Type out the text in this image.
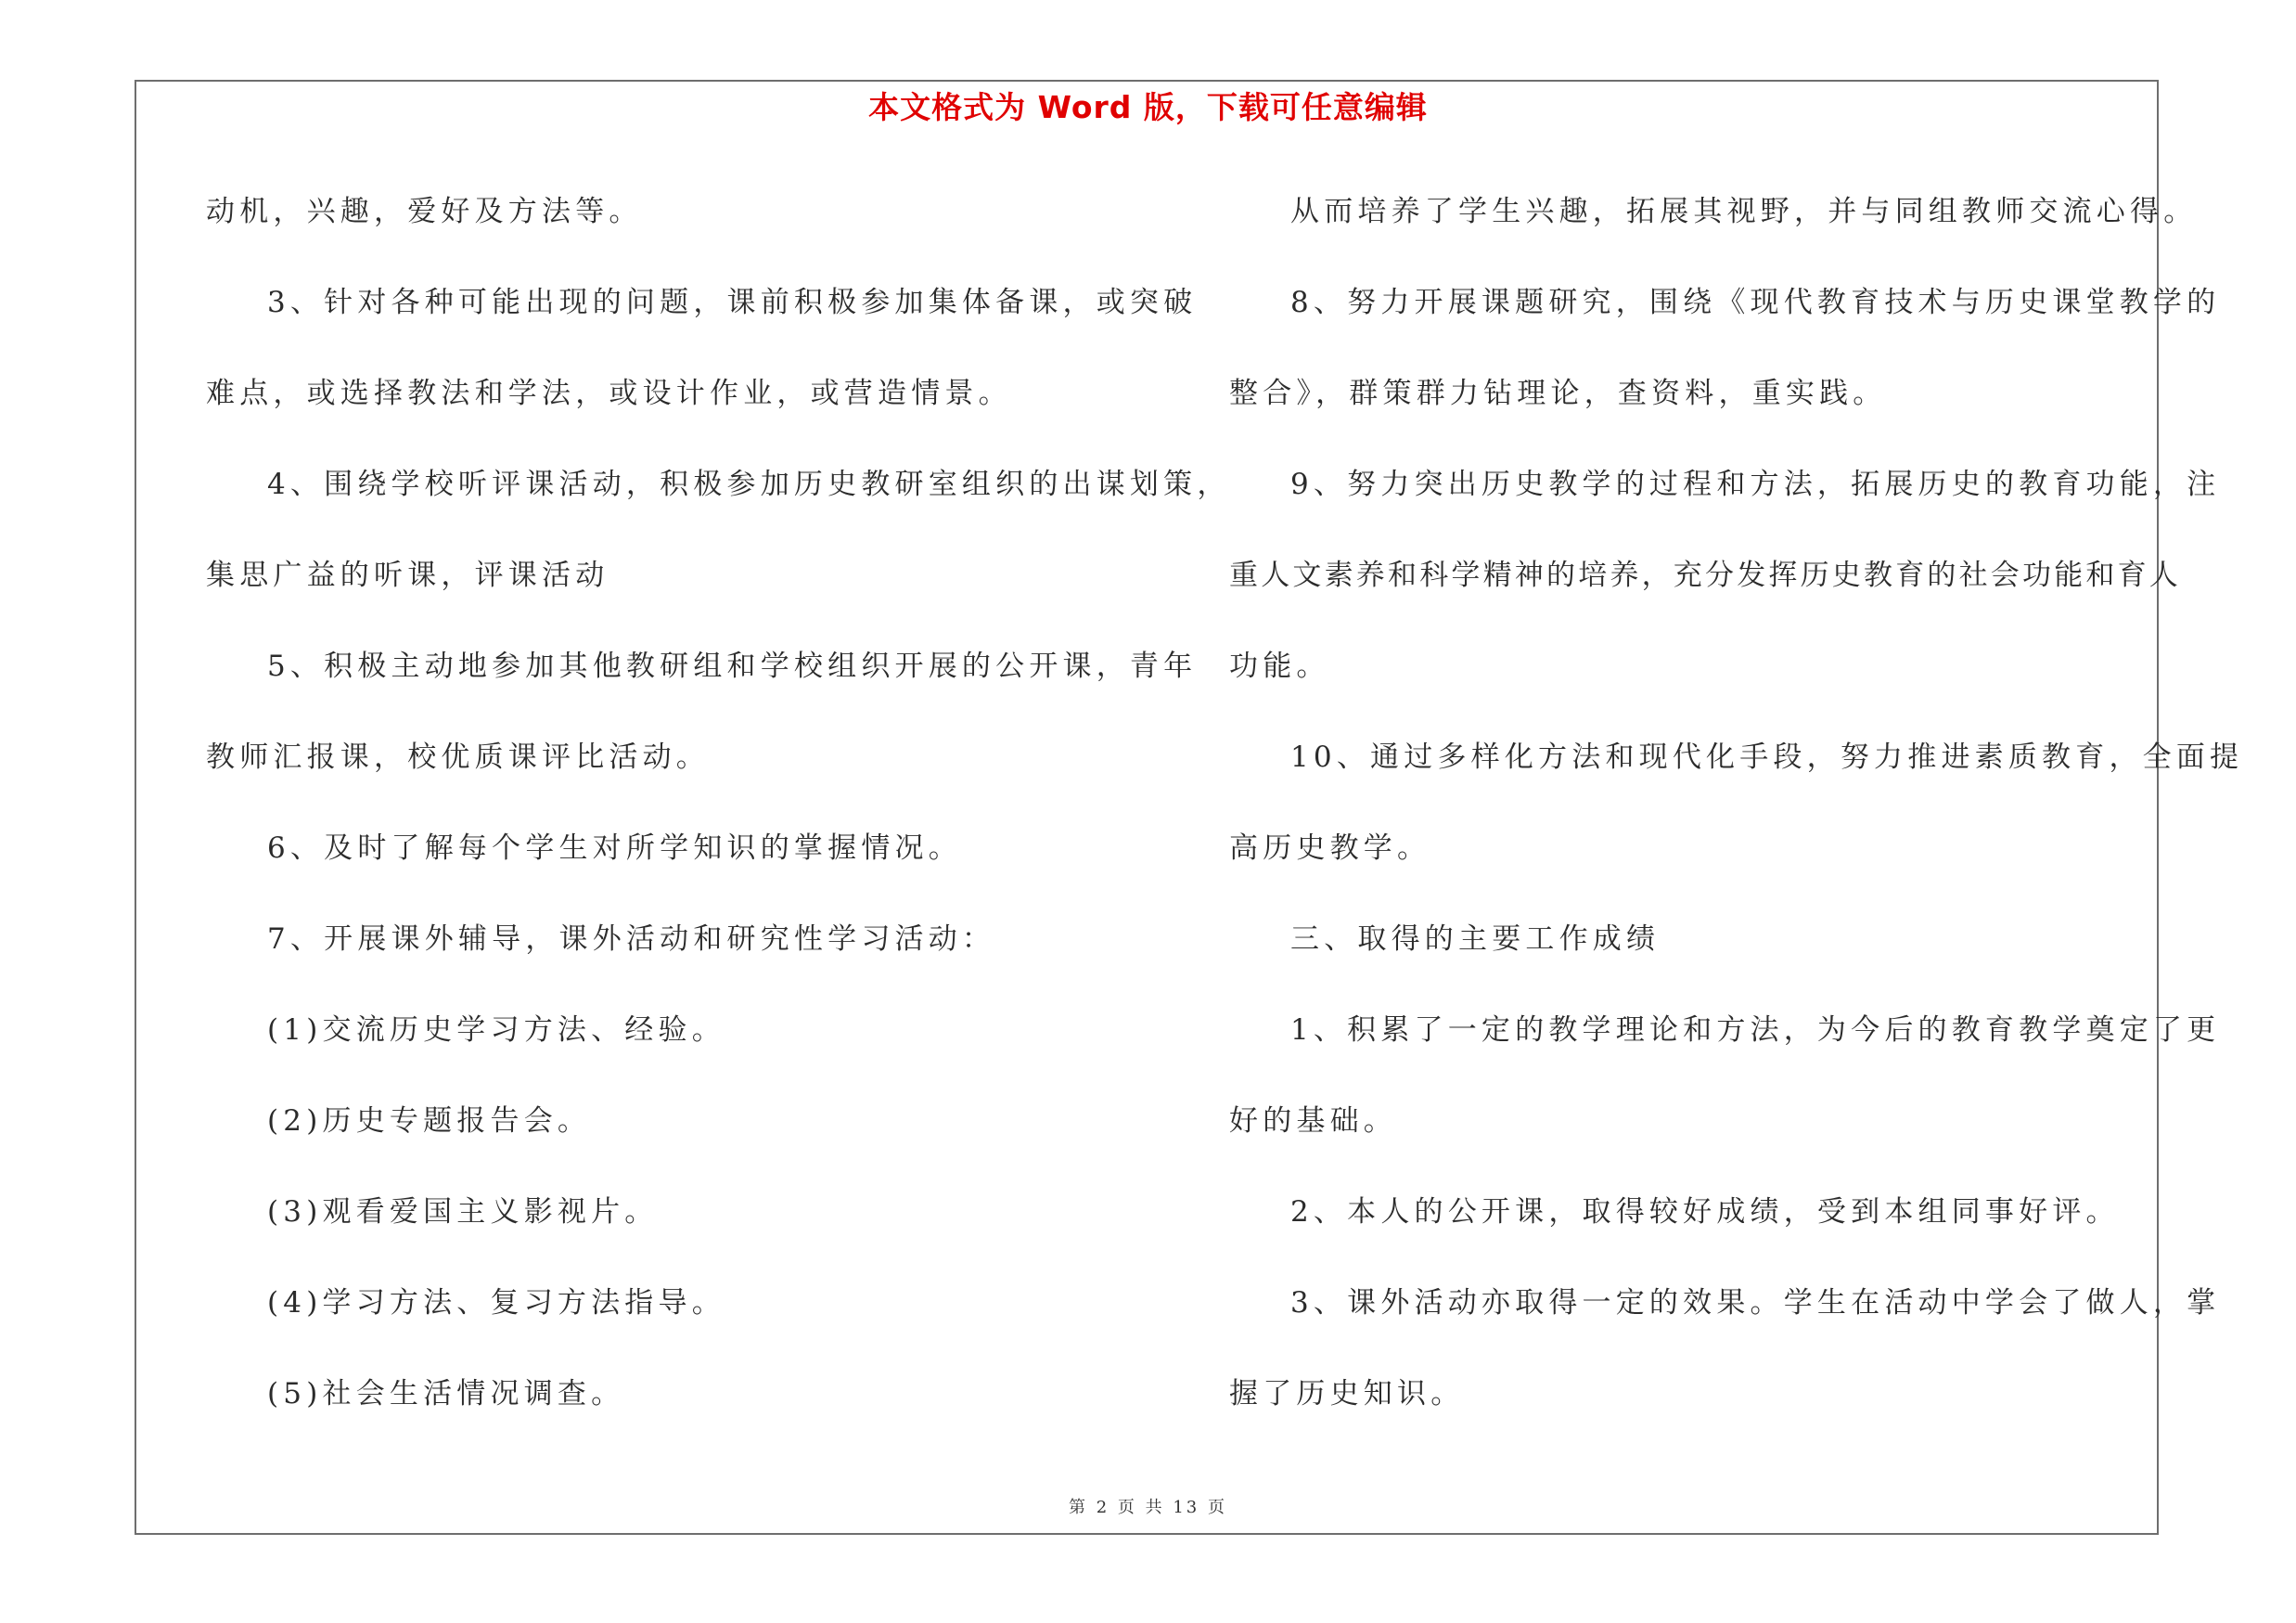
本文格式为 Word 版，下载可任意编辑
动机，兴趣，爱好及方法等。
3、针对各种可能出现的问题，课前积极参加集体备课，或突破
难点，或选择教法和学法，或设计作业，或营造情景。
4、围绕学校听评课活动，积极参加历史教研室组织的出谋划策，
集思广益的听课，评课活动
5、积极主动地参加其他教研组和学校组织开展的公开课，青年
教师汇报课，校优质课评比活动。
6、及时了解每个学生对所学知识的掌握情况。
7、开展课外辅导，课外活动和研究性学习活动：
(1)交流历史学习方法、经验。
(2)历史专题报告会。
(3)观看爱国主义影视片。
(4)学习方法、复习方法指导。
(5)社会生活情况调查。
从而培养了学生兴趣，拓展其视野，并与同组教师交流心得。
8、努力开展课题研究，围绕《现代教育技术与历史课堂教学的
整合》，群策群力钻理论，查资料，重实践。
9、努力突出历史教学的过程和方法，拓展历史的教育功能，注
重人文素养和科学精神的培养，充分发挥历史教育的社会功能和育人
功能。
10、通过多样化方法和现代化手段，努力推进素质教育，全面提
高历史教学。
三、取得的主要工作成绩
1、积累了一定的教学理论和方法，为今后的教育教学奠定了更
好的基础。
2、本人的公开课，取得较好成绩，受到本组同事好评。
3、课外活动亦取得一定的效果。学生在活动中学会了做人，掌
握了历史知识。
第 2 页 共 13 页
